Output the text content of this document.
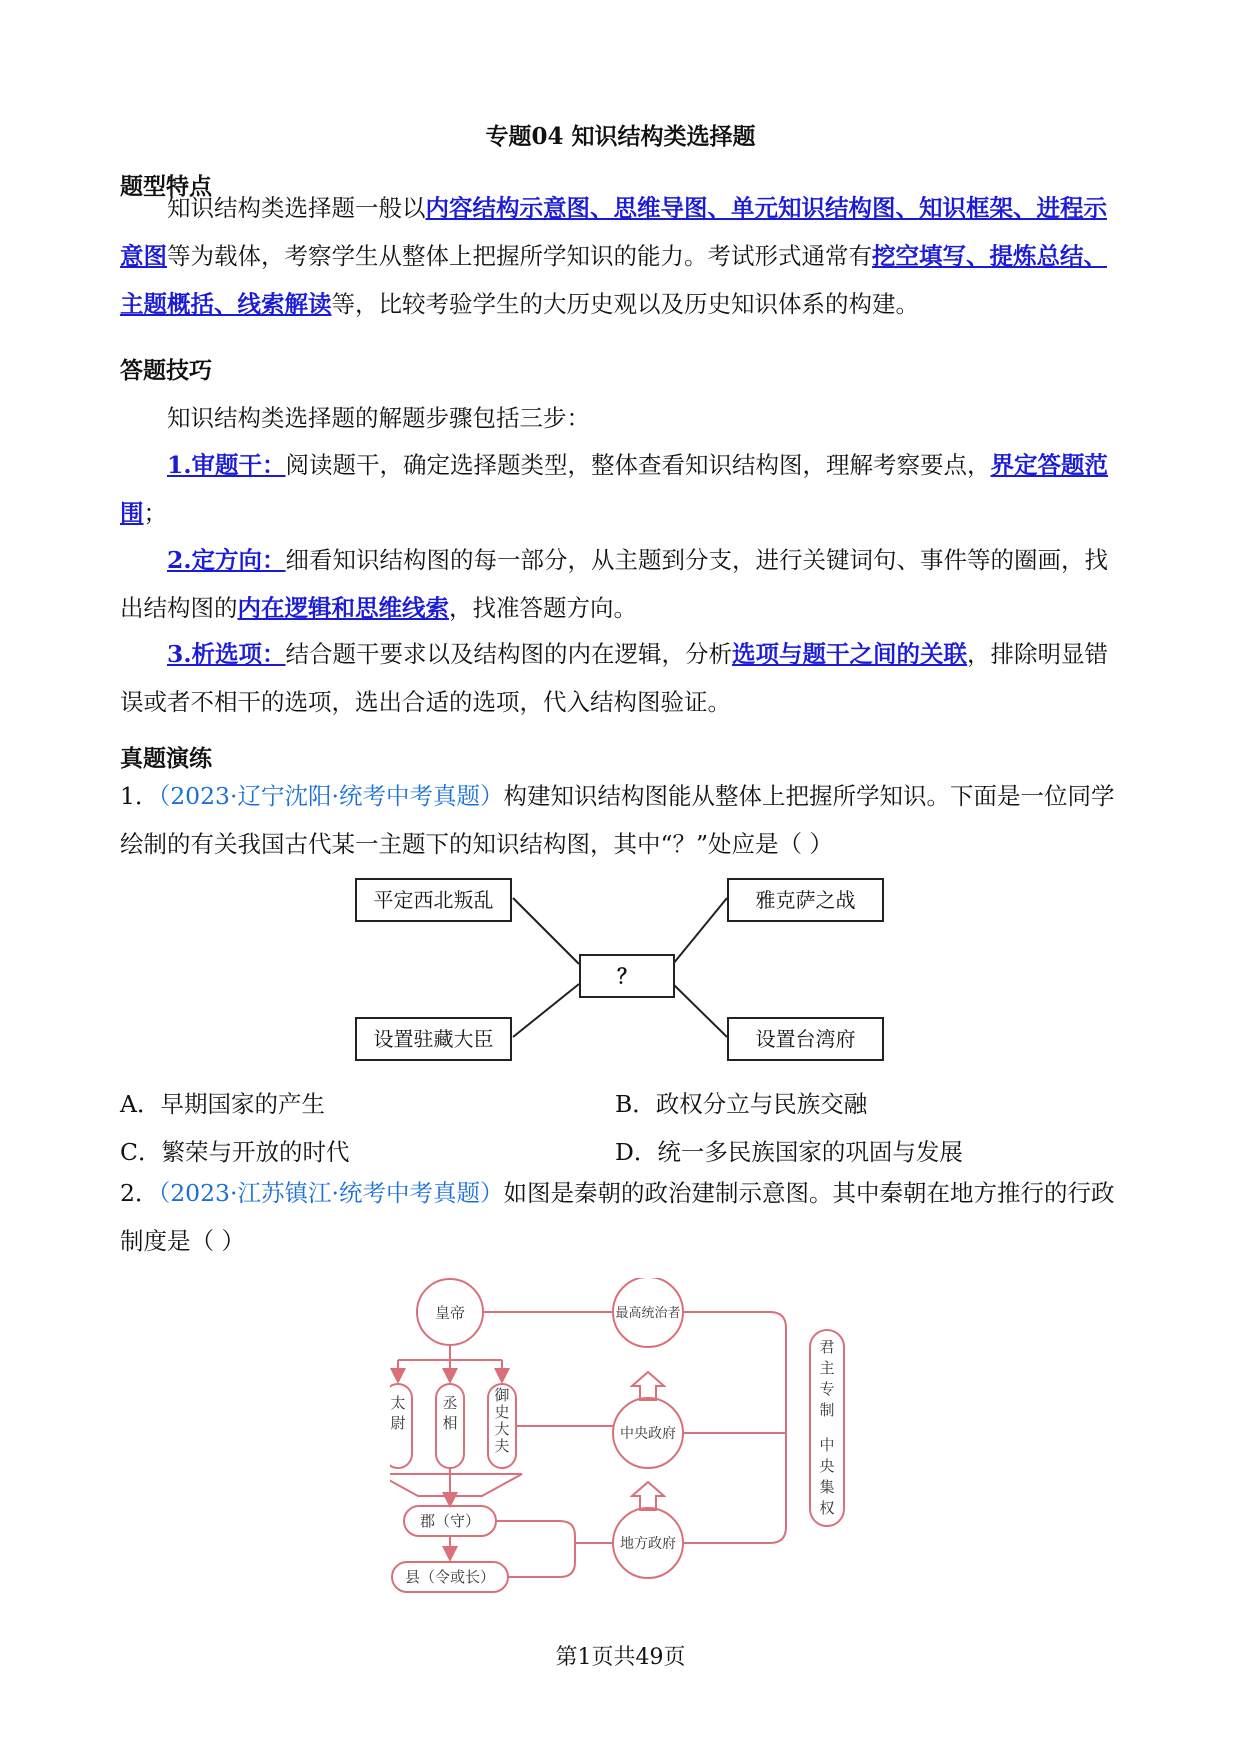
专题04 知识结构类选择题
题型特点
知识结构类选择题一般以内容结构示意图、思维导图、单元知识结构图、知识框架、进程示意图等为载体，考察学生从整体上把握所学知识的能力。考试形式通常有挖空填写、提炼总结、主题概括、线索解读等，比较考验学生的大历史观以及历史知识体系的构建。
答题技巧
知识结构类选择题的解题步骤包括三步：
1.审题干：阅读题干，确定选择题类型，整体查看知识结构图，理解考察要点，界定答题范围；
2.定方向：细看知识结构图的每一部分，从主题到分支，进行关键词句、事件等的圈画，找出结构图的内在逻辑和思维线索，找准答题方向。
3.析选项：结合题干要求以及结构图的内在逻辑，分析选项与题干之间的关联，排除明显错误或者不相干的选项，选出合适的选项，代入结构图验证。
真题演练
1．（2023·辽宁沈阳·统考中考真题）构建知识结构图能从整体上把握所学知识。下面是一位同学绘制的有关我国古代某一主题下的知识结构图，其中“？”处应是（ ）
平定西北叛乱	雅克萨之战
？
设置驻藏大臣	设置台湾府
A．早期国家的产生	B．政权分立与民族交融
C．繁荣与开放的时代	D．统一多民族国家的巩固与发展
2．（2023·江苏镇江·统考中考真题）如图是秦朝的政治建制示意图。其中秦朝在地方推行的行政制度是（ ）
皇帝	最高统治者
中央政府
地方政府
郡（守）
县（令或长）
太尉
丞相
御史大夫
君主专制中央集权
第1页共49页
